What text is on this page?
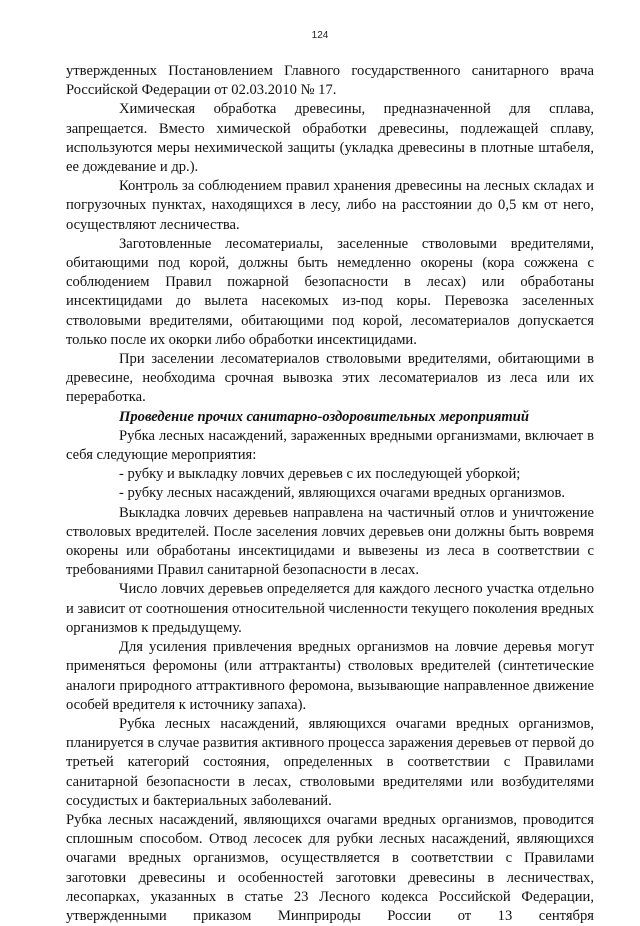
124

утвержденных Постановлением Главного государственного санитарного врача Российской Федерации от 02.03.2010 № 17.

Химическая обработка древесины, предназначенной для сплава, запрещается. Вместо химической обработки древесины, подлежащей сплаву, используются меры нехимической защиты (укладка древесины в плотные штабеля, ее дождевание и др.).

Контроль за соблюдением правил хранения древесины на лесных складах и погрузочных пунктах, находящихся в лесу, либо на расстоянии до 0,5 км от него, осуществляют лесничества.

Заготовленные лесоматериалы, заселенные стволовыми вредителями, обитающими под корой, должны быть немедленно окорены (кора сожжена с соблюдением Правил пожарной безопасности в лесах) или обработаны инсектицидами до вылета насекомых из-под коры. Перевозка заселенных стволовыми вредителями, обитающими под корой, лесоматериалов допускается только после их окорки либо обработки инсектицидами.

При заселении лесоматериалов стволовыми вредителями, обитающими в древесине, необходима срочная вывозка этих лесоматериалов из леса или их переработка.

Проведение прочих санитарно-оздоровительных мероприятий

Рубка лесных насаждений, зараженных вредными организмами, включает в себя следующие мероприятия:

- рубку и выкладку ловчих деревьев с их последующей уборкой;

- рубку лесных насаждений, являющихся очагами вредных организмов.

Выкладка ловчих деревьев направлена на частичный отлов и уничтожение стволовых вредителей. После заселения ловчих деревьев они должны быть вовремя окорены или обработаны инсектицидами и вывезены из леса в соответствии с требованиями Правил санитарной безопасности в лесах.

Число ловчих деревьев определяется для каждого лесного участка отдельно и зависит от соотношения относительной численности текущего поколения вредных организмов к предыдущему.

Для усиления привлечения вредных организмов на ловчие деревья могут применяться феромоны (или аттрактанты) стволовых вредителей (синтетические аналоги природного аттрактивного феромона, вызывающие направленное движение особей вредителя к источнику запаха).

Рубка лесных насаждений, являющихся очагами вредных организмов, планируется в случае развития активного процесса заражения деревьев от первой до третьей категорий состояния, определенных в соответствии с Правилами санитарной безопасности в лесах, стволовыми вредителями или возбудителями сосудистых и бактериальных заболеваний.

Рубка лесных насаждений, являющихся очагами вредных организмов, проводится сплошным способом. Отвод лесосек для рубки лесных насаждений, являющихся очагами вредных организмов, осуществляется в соответствии с Правилами заготовки древесины и особенностей заготовки древесины в лесничествах, лесопарках, указанных в статье 23 Лесного кодекса Российской Федерации, утвержденными приказом Минприроды России от 13 сентября
